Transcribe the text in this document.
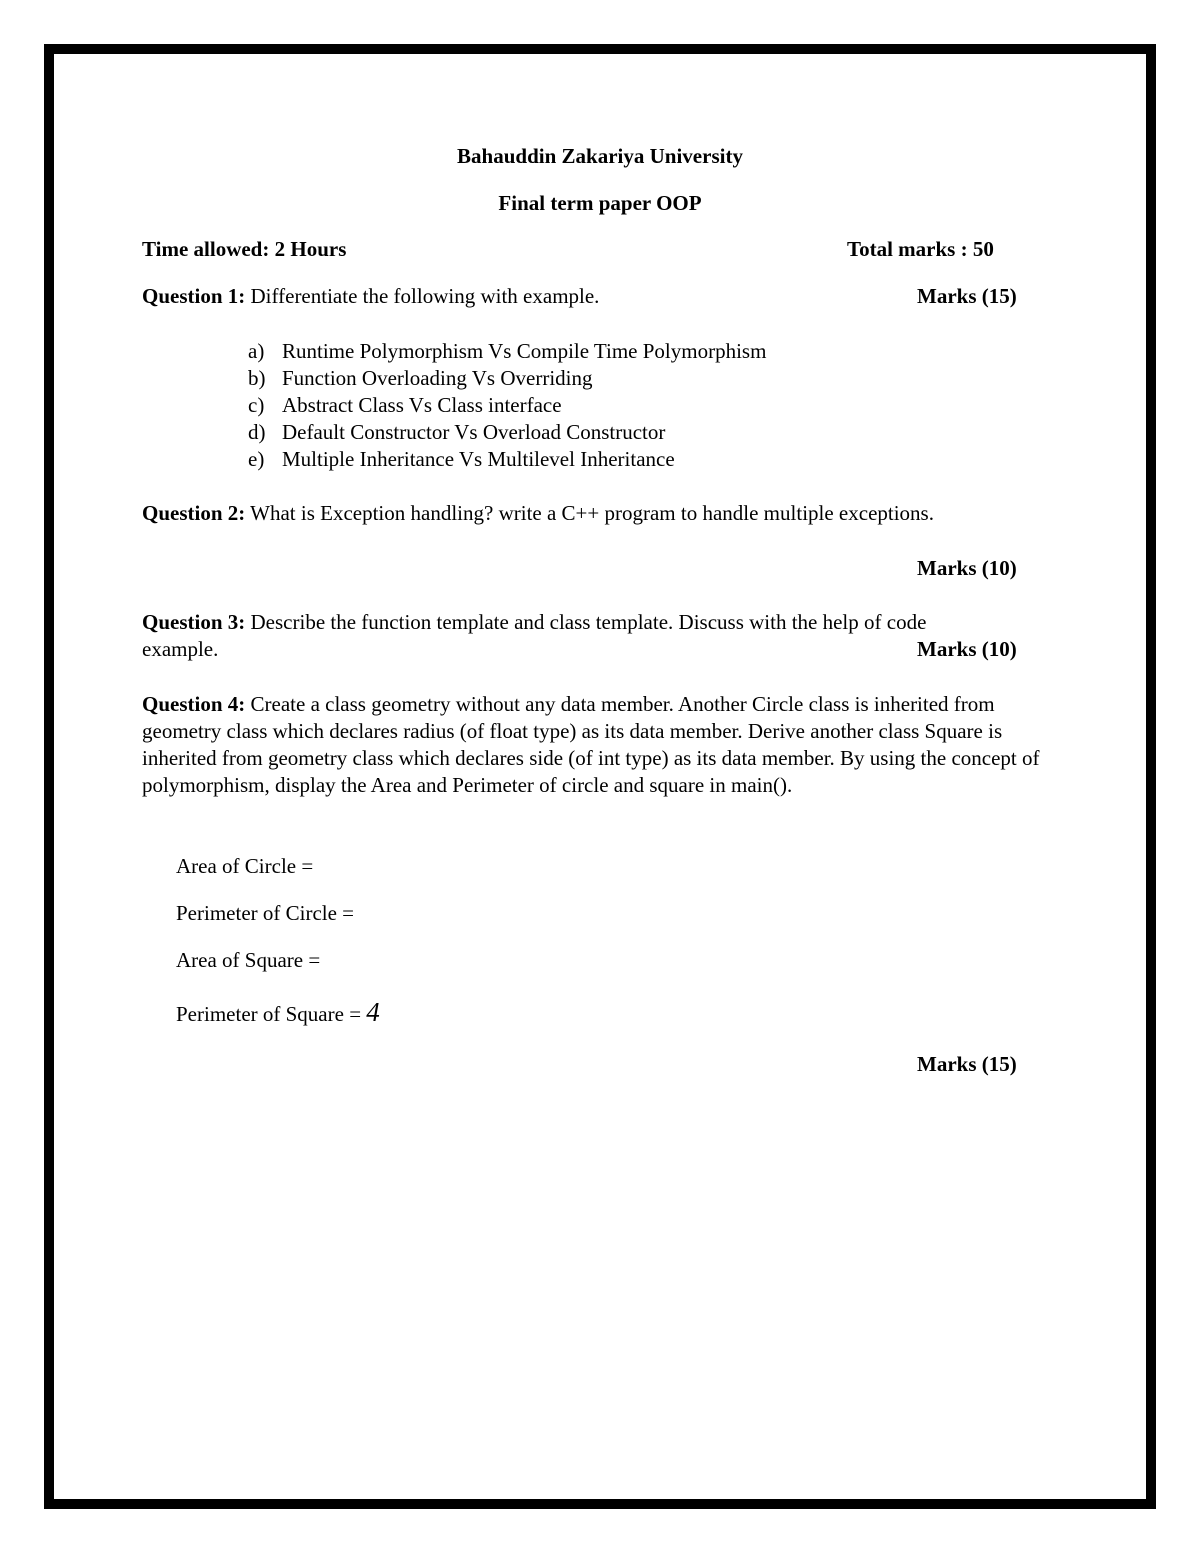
Bahauddin Zakariya University
Final term paper OOP
Time allowed: 2 Hours	Total marks : 50
Question 1: Differentiate the following with example.	Marks (15)
a) Runtime Polymorphism Vs Compile Time Polymorphism
b) Function Overloading Vs Overriding
c) Abstract Class Vs Class interface
d) Default Constructor Vs Overload Constructor
e) Multiple Inheritance Vs Multilevel Inheritance
Question 2: What is Exception handling? write a C++ program to handle multiple exceptions.
Marks (10)
Question 3: Describe the function template and class template. Discuss with the help of code
example.	Marks (10)
Question 4: Create a class geometry without any data member. Another Circle class is inherited from geometry class which declares radius (of float type) as its data member. Derive another class Square is inherited from geometry class which declares side (of int type) as its data member. By using the concept of polymorphism, display the Area and Perimeter of circle and square in main().
Area of Circle =
Perimeter of Circle =
Area of Square =
Perimeter of Square = 4
Marks (15)
